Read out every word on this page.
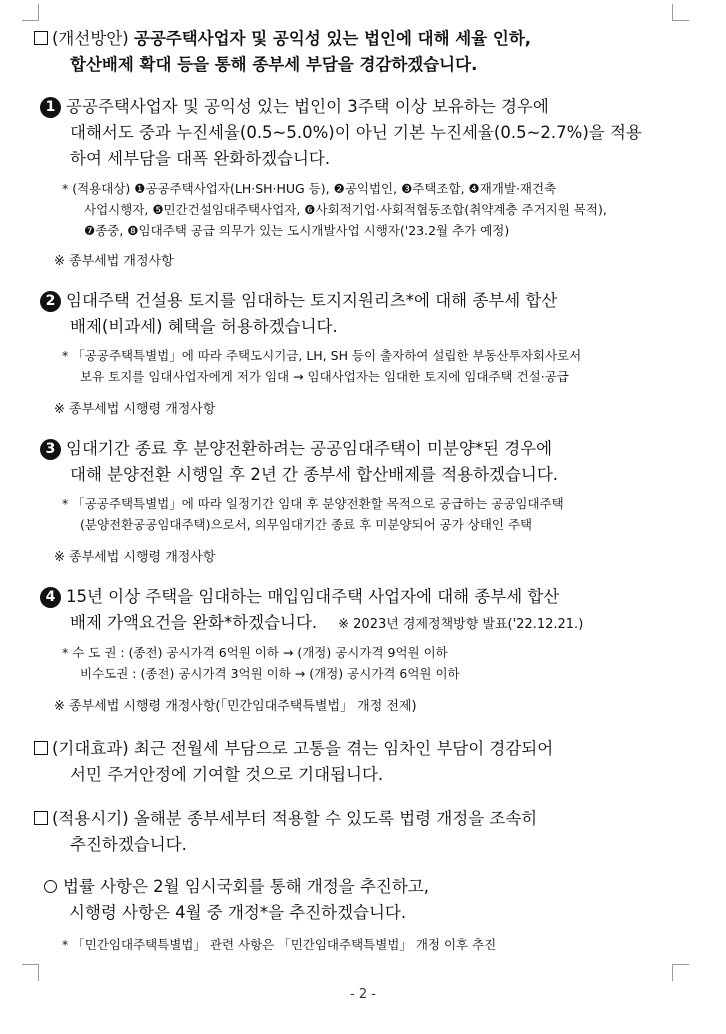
(개선방안) 공공주택사업자 및 공익성 있는 법인에 대해 세율 인하,
합산배제 확대 등을 통해 종부세 부담을 경감하겠습니다.
1 공공주택사업자 및 공익성 있는 법인이 3주택 이상 보유하는 경우에
대해서도 중과 누진세율(0.5~5.0%)이 아닌 기본 누진세율(0.5~2.7%)을 적용
하여 세부담을 대폭 완화하겠습니다.
* (적용대상) ❶공공주택사업자(LH·SH·HUG 등), ❷공익법인, ❸주택조합, ❹재개발·재건축
사업시행자, ❺민간건설임대주택사업자, ❻사회적기업·사회적협동조합(취약계층 주거지원 목적),
❼종중, ❽임대주택 공급 의무가 있는 도시개발사업 시행자('23.2월 추가 예정)
※ 종부세법 개정사항
2 임대주택 건설용 토지를 임대하는 토지지원리츠*에 대해 종부세 합산
배제(비과세) 혜택을 허용하겠습니다.
* 「공공주택특별법」에 따라 주택도시기금, LH, SH 등이 출자하여 설립한 부동산투자회사로서
보유 토지를 임대사업자에게 저가 임대 → 임대사업자는 임대한 토지에 임대주택 건설·공급
※ 종부세법 시행령 개정사항
3 임대기간 종료 후 분양전환하려는 공공임대주택이 미분양*된 경우에
대해 분양전환 시행일 후 2년 간 종부세 합산배제를 적용하겠습니다.
* 「공공주택특별법」에 따라 일정기간 임대 후 분양전환할 목적으로 공급하는 공공임대주택
(분양전환공공임대주택)으로서, 의무임대기간 종료 후 미분양되어 공가 상태인 주택
※ 종부세법 시행령 개정사항
4 15년 이상 주택을 임대하는 매입임대주택 사업자에 대해 종부세 합산
배제 가액요건을 완화*하겠습니다. ※ 2023년 경제정책방향 발표('22.12.21.)
* 수 도 권 : (종전) 공시가격 6억원 이하 → (개정) 공시가격 9억원 이하
비수도권 : (종전) 공시가격 3억원 이하 → (개정) 공시가격 6억원 이하
※ 종부세법 시행령 개정사항(「민간임대주택특별법」 개정 전제)
(기대효과) 최근 전월세 부담으로 고통을 겪는 임차인 부담이 경감되어
서민 주거안정에 기여할 것으로 기대됩니다.
(적용시기) 올해분 종부세부터 적용할 수 있도록 법령 개정을 조속히
추진하겠습니다.
법률 사항은 2월 임시국회를 통해 개정을 추진하고,
시행령 사항은 4월 중 개정*을 추진하겠습니다.
* 「민간임대주택특별법」 관련 사항은 「민간임대주택특별법」 개정 이후 추진
- 2 -
